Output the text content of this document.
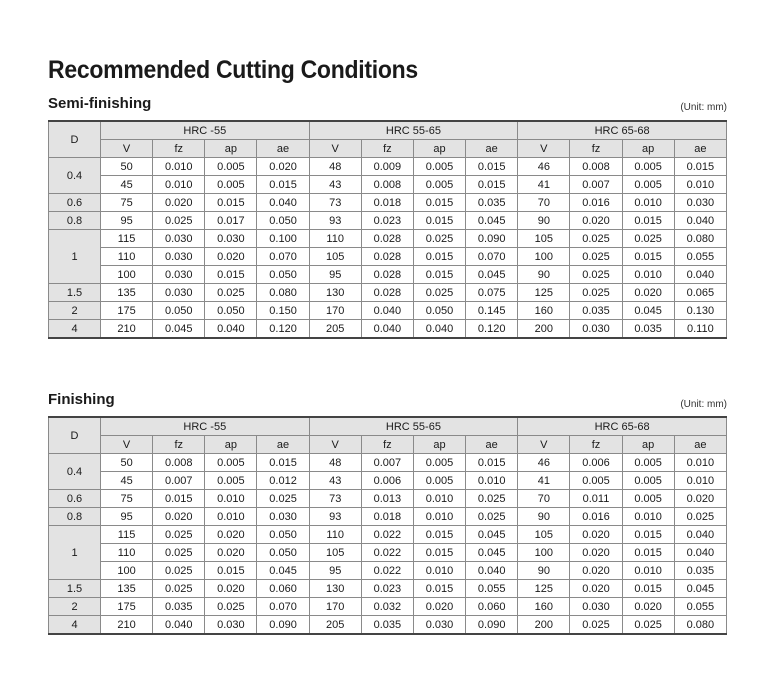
Recommended Cutting Conditions
Semi-finishing	(Unit: mm)
D	HRC -55				HRC 55-65				HRC 65-68			
	V	fz	ap	ae	V	fz	ap	ae	V	fz	ap	ae
0.4	50	0.010	0.005	0.020	48	0.009	0.005	0.015	46	0.008	0.005	0.015
	45	0.010	0.005	0.015	43	0.008	0.005	0.015	41	0.007	0.005	0.010
0.6	75	0.020	0.015	0.040	73	0.018	0.015	0.035	70	0.016	0.010	0.030
0.8	95	0.025	0.017	0.050	93	0.023	0.015	0.045	90	0.020	0.015	0.040
1	115	0.030	0.030	0.100	110	0.028	0.025	0.090	105	0.025	0.025	0.080
	110	0.030	0.020	0.070	105	0.028	0.015	0.070	100	0.025	0.015	0.055
	100	0.030	0.015	0.050	95	0.028	0.015	0.045	90	0.025	0.010	0.040
1.5	135	0.030	0.025	0.080	130	0.028	0.025	0.075	125	0.025	0.020	0.065
2	175	0.050	0.050	0.150	170	0.040	0.050	0.145	160	0.035	0.045	0.130
4	210	0.045	0.040	0.120	205	0.040	0.040	0.120	200	0.030	0.035	0.110
Finishing	(Unit: mm)
D	HRC -55				HRC 55-65				HRC 65-68			
	V	fz	ap	ae	V	fz	ap	ae	V	fz	ap	ae
0.4	50	0.008	0.005	0.015	48	0.007	0.005	0.015	46	0.006	0.005	0.010
	45	0.007	0.005	0.012	43	0.006	0.005	0.010	41	0.005	0.005	0.010
0.6	75	0.015	0.010	0.025	73	0.013	0.010	0.025	70	0.011	0.005	0.020
0.8	95	0.020	0.010	0.030	93	0.018	0.010	0.025	90	0.016	0.010	0.025
1	115	0.025	0.020	0.050	110	0.022	0.015	0.045	105	0.020	0.015	0.040
	110	0.025	0.020	0.050	105	0.022	0.015	0.045	100	0.020	0.015	0.040
	100	0.025	0.015	0.045	95	0.022	0.010	0.040	90	0.020	0.010	0.035
1.5	135	0.025	0.020	0.060	130	0.023	0.015	0.055	125	0.020	0.015	0.045
2	175	0.035	0.025	0.070	170	0.032	0.020	0.060	160	0.030	0.020	0.055
4	210	0.040	0.030	0.090	205	0.035	0.030	0.090	200	0.025	0.025	0.080
